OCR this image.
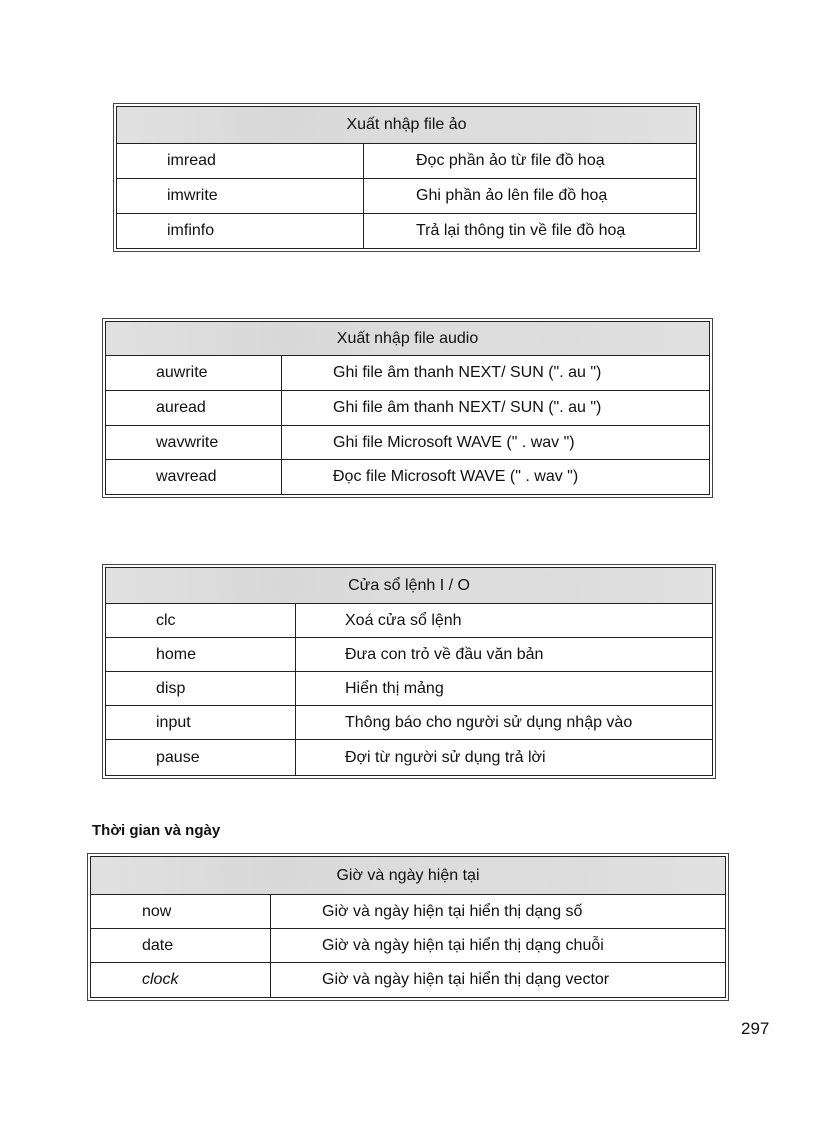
Xuất nhập file ảo
imread	Đọc phần ảo từ file đồ hoạ
imwrite	Ghi phần ảo lên file đồ hoạ
imfinfo	Trả lại thông tin về file đồ hoạ
Xuất nhập file audio
auwrite	Ghi file âm thanh NEXT/ SUN (". au ")
auread	Ghi file âm thanh NEXT/ SUN (". au ")
wavwrite	Ghi file Microsoft WAVE (" . wav ")
wavread	Đọc file Microsoft WAVE (" . wav ")
Cửa sổ lệnh I / O
clc	Xoá cửa sổ lệnh
home	Đưa con trỏ về đầu văn bản
disp	Hiển thị mảng
input	Thông báo cho người sử dụng nhập vào
pause	Đợi từ người sử dụng trả lời
Thời gian và ngày
Giờ và ngày hiện tại
now	Giờ và ngày hiện tại hiển thị dạng số
date	Giờ và ngày hiện tại hiển thị dạng chuỗi
clock	Giờ và ngày hiện tại hiển thị dạng vector
297
